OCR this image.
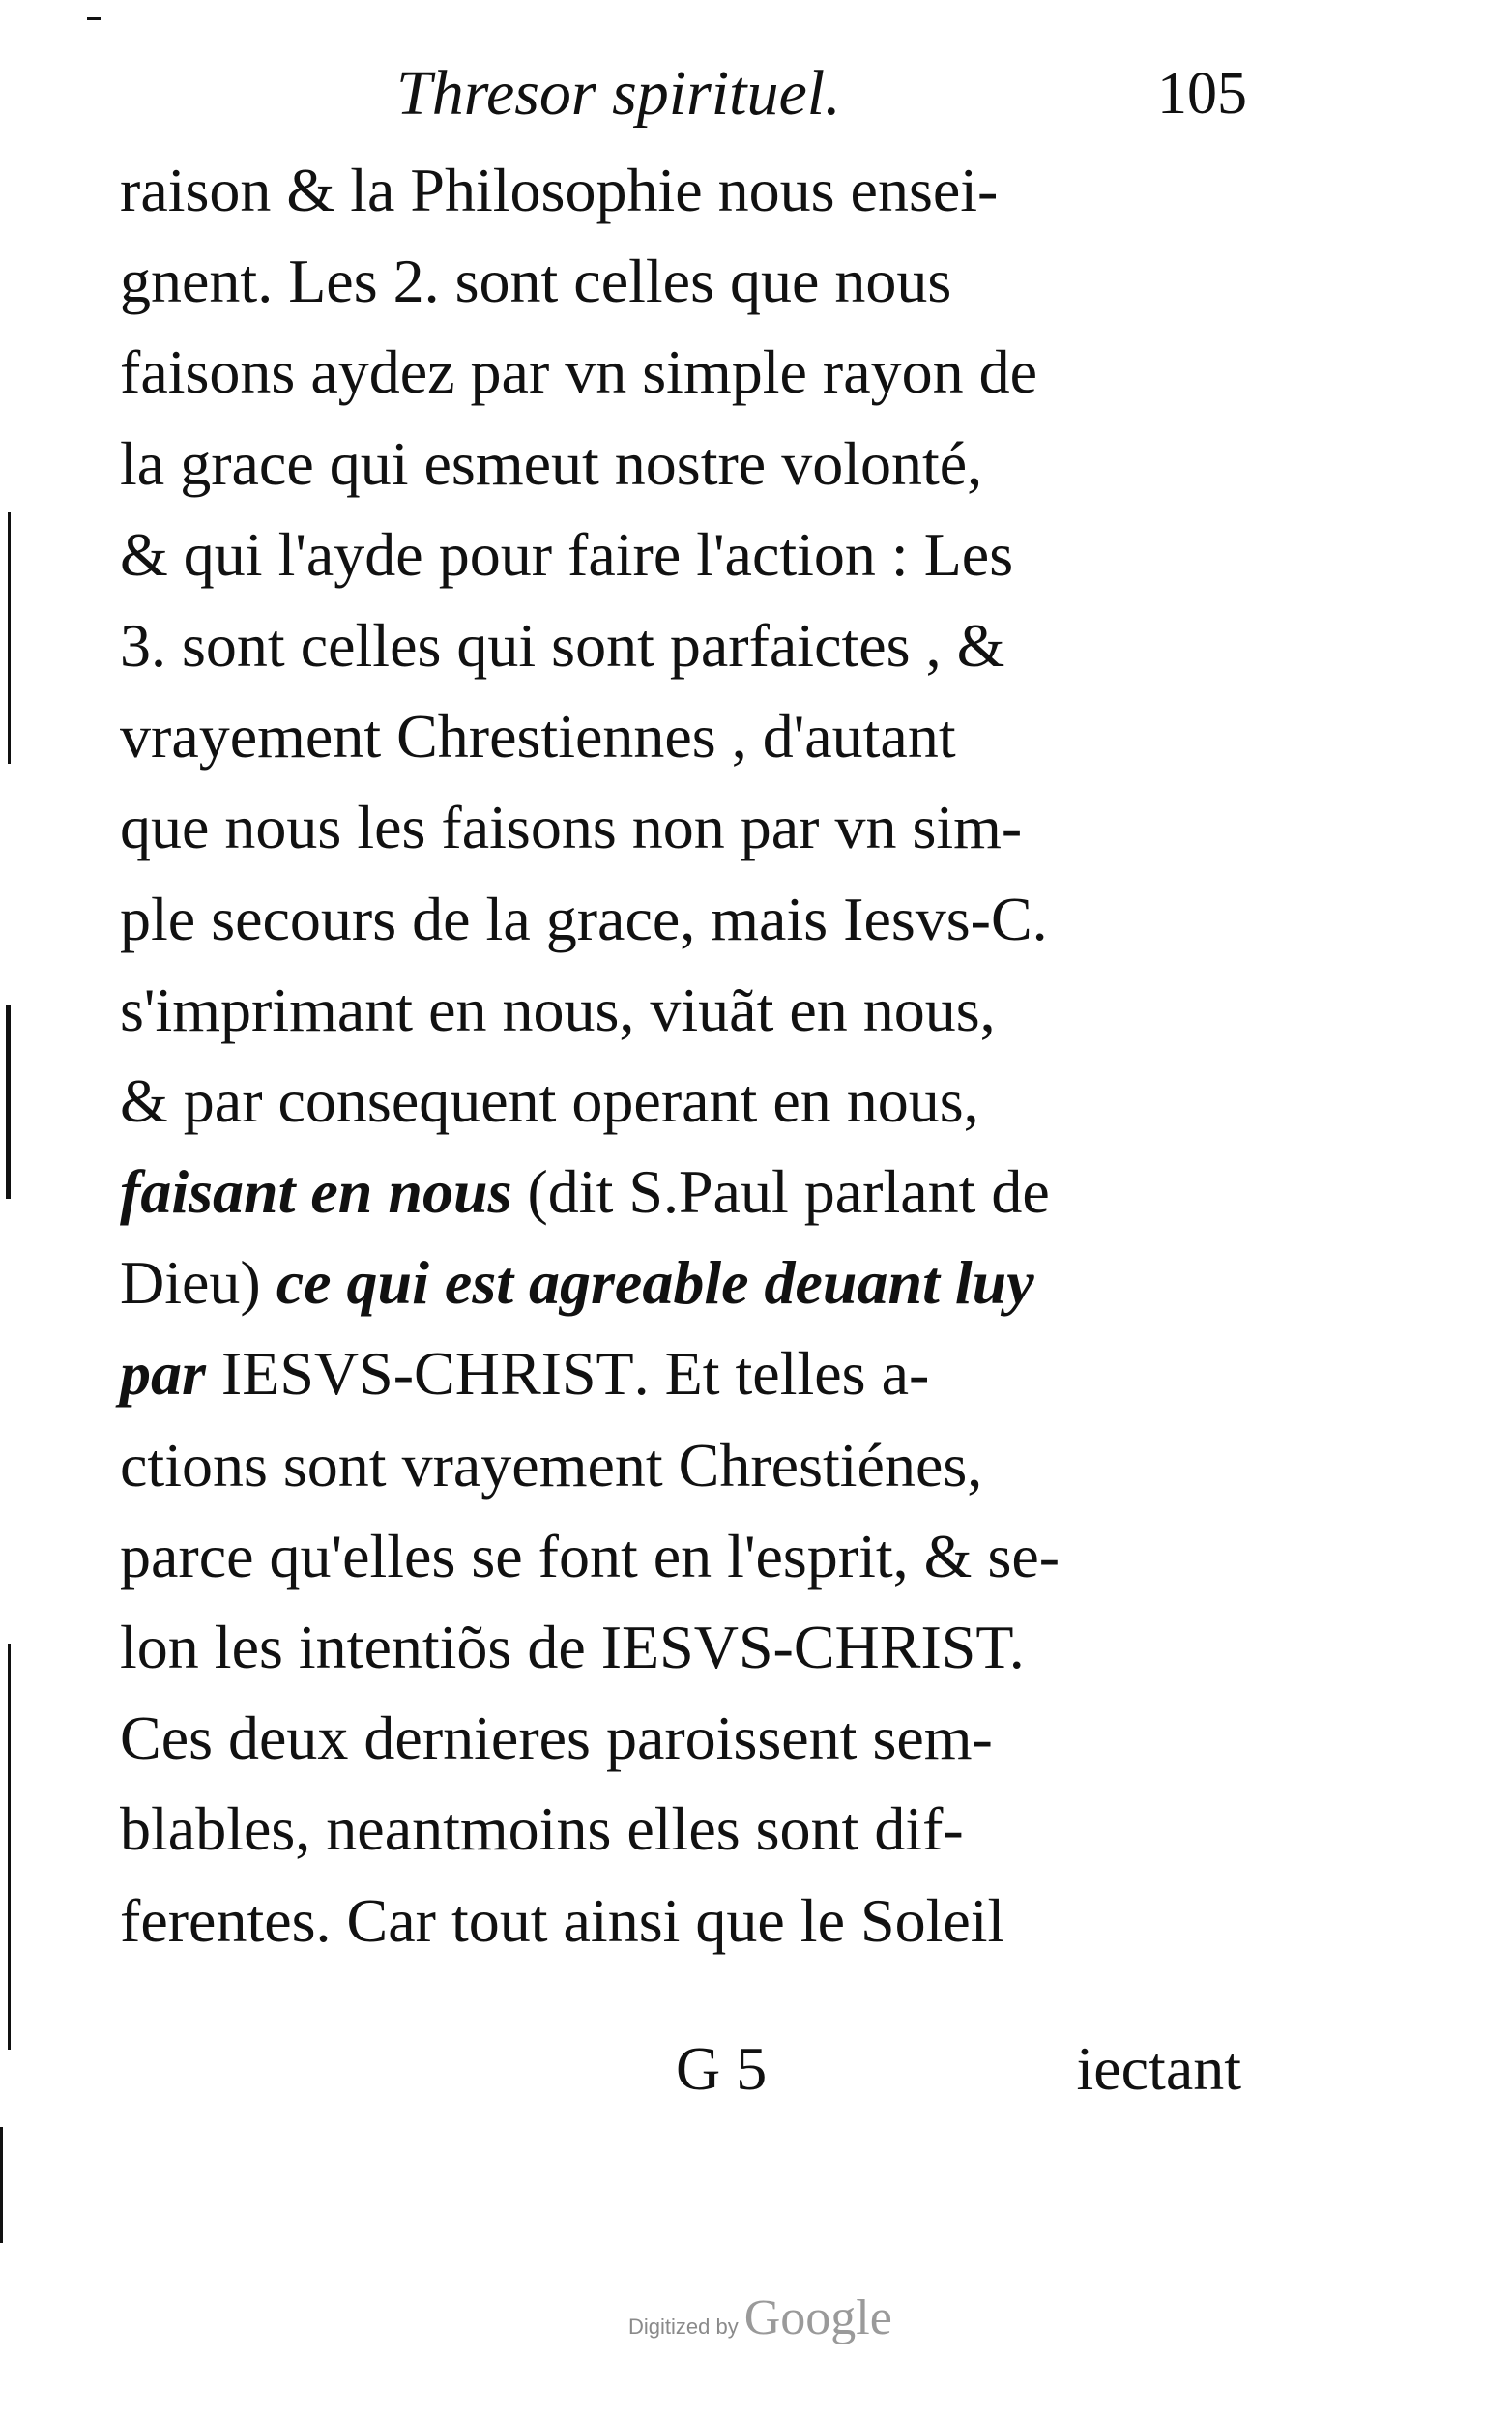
Thresor spirituel.	105
raison & la Philosophie nous ensei-
gnent. Les 2. sont celles que nous
faisons aydez par vn simple rayon de
la grace qui esmeut nostre volonté,
& qui l'ayde pour faire l'action : Les
3. sont celles qui sont parfaictes , &
vrayement Chrestiennes , d'autant
que nous les faisons non par vn sim-
ple secours de la grace, mais Iesvs-C.
s'imprimant en nous, viuãt en nous,
& par consequent operant en nous,
faisant en nous (dit S.Paul parlant de
Dieu) ce qui est agreable deuant luy
par IESVS-CHRIST . Et telles a-
ctions sont vrayement Chrestiénes,
parce qu'elles se font en l'esprit, & se-
lon les intentiõs de IESVS-CHRIST.
Ces deux dernieres paroissent sem-
blables, neantmoins elles sont dif-
ferentes. Car tout ainsi que le Soleil
G 5	iectant
Digitized by Google
